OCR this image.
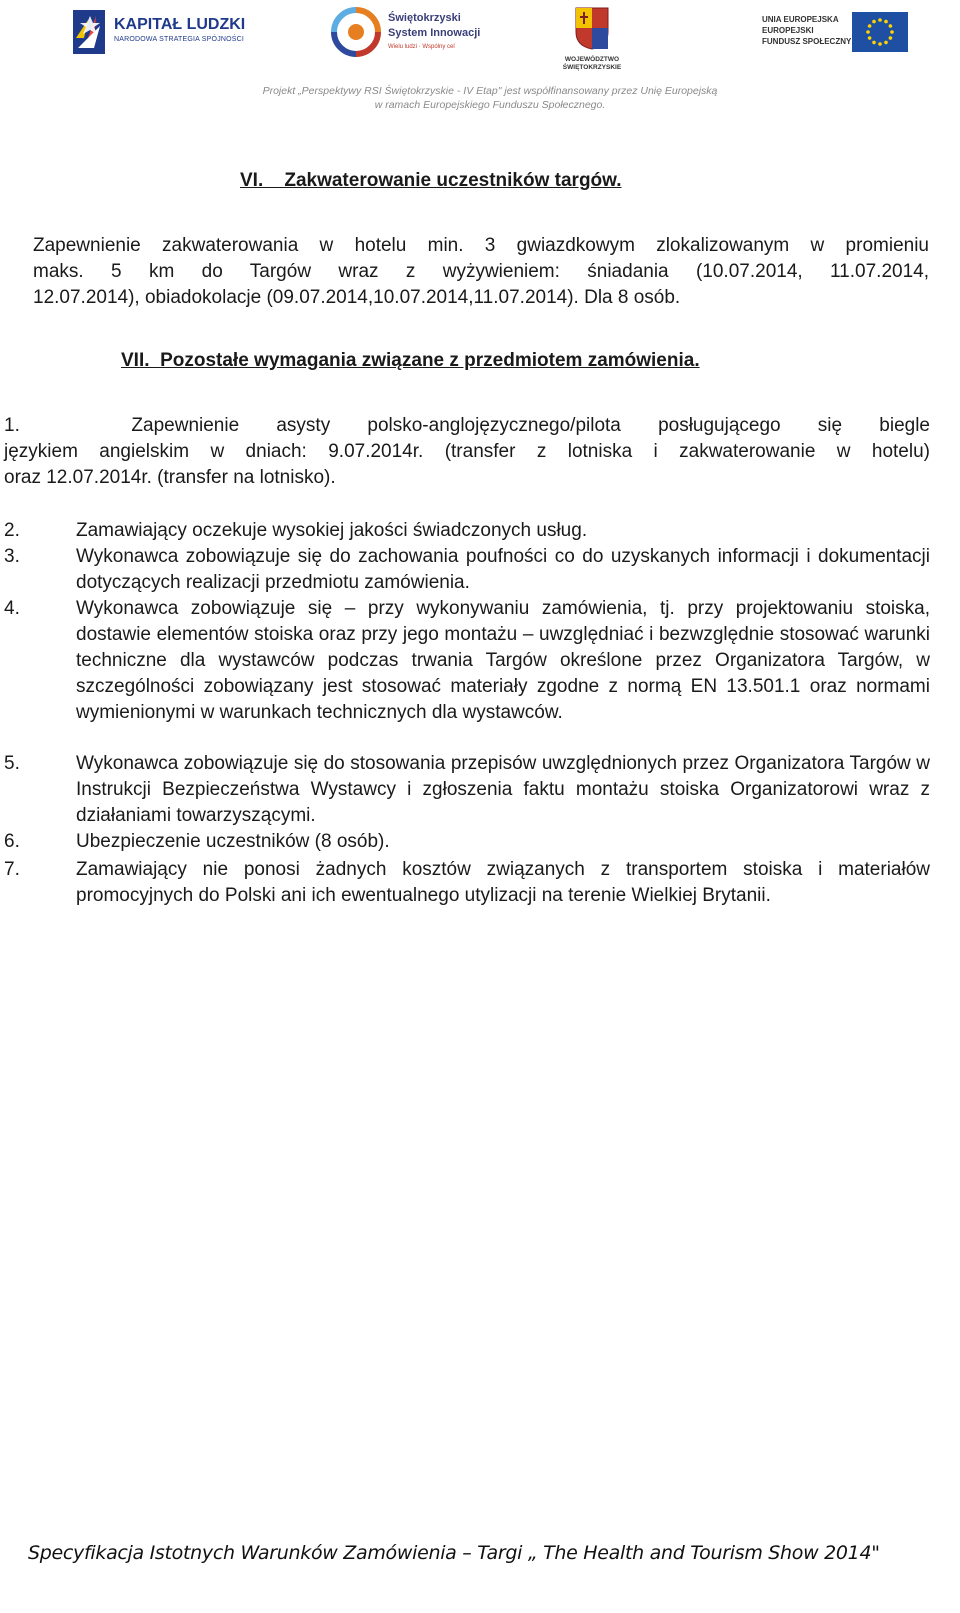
KAPITAŁ LUDZKI
NARODOWA STRATEGIA SPÓJNOŚCI
Świętokrzyski
System Innowacji
Wielu ludzi · Wspólny cel
WOJEWÓDZTWO
ŚWIĘTOKRZYSKIE
UNIA EUROPEJSKA
EUROPEJSKI
FUNDUSZ SPOŁECZNY
Projekt „Perspektywy RSI Świętokrzyskie - IV Etap" jest współfinansowany przez Unię Europejską
w ramach Europejskiego Funduszu Społecznego.
VI.    Zakwaterowanie uczestników targów.
Zapewnienie zakwaterowania w hotelu min. 3 gwiazdkowym zlokalizowanym w promieniu
maks. 5 km do Targów wraz z wyżywieniem: śniadania (10.07.2014, 11.07.2014,
12.07.2014), obiadokolacje (09.07.2014,10.07.2014,11.07.2014). Dla 8 osób.
VII.  Pozostałe wymagania związane z przedmiotem zamówienia.
1.   Zapewnienie asysty polsko-anglojęzycznego/pilota posługującego się biegle
językiem angielskim w dniach: 9.07.2014r. (transfer z lotniska i zakwaterowanie w hotelu)
oraz 12.07.2014r. (transfer na lotnisko).
2.	Zamawiający oczekuje wysokiej jakości świadczonych usług.
3.	Wykonawca zobowiązuje się do zachowania poufności co do uzyskanych informacji i dokumentacji dotyczących realizacji przedmiotu zamówienia.
4.	Wykonawca zobowiązuje się – przy wykonywaniu zamówienia, tj. przy projektowaniu stoiska, dostawie elementów stoiska oraz przy jego montażu – uwzględniać i bezwzględnie stosować warunki techniczne dla wystawców podczas trwania Targów określone przez Organizatora Targów, w szczególności zobowiązany jest stosować materiały zgodne z normą EN 13.501.1 oraz normami wymienionymi w warunkach technicznych dla wystawców.
5.	Wykonawca zobowiązuje się do stosowania przepisów uwzględnionych przez Organizatora Targów w Instrukcji Bezpieczeństwa Wystawcy i zgłoszenia faktu montażu stoiska Organizatorowi wraz z działaniami towarzyszącymi.
6.	Ubezpieczenie uczestników (8 osób).
7.	Zamawiający nie ponosi żadnych kosztów związanych z transportem stoiska i materiałów promocyjnych do Polski ani ich ewentualnego utylizacji na terenie Wielkiej Brytanii.
Specyfikacja Istotnych Warunków Zamówienia – Targi „ The Health and Tourism Show 2014"
